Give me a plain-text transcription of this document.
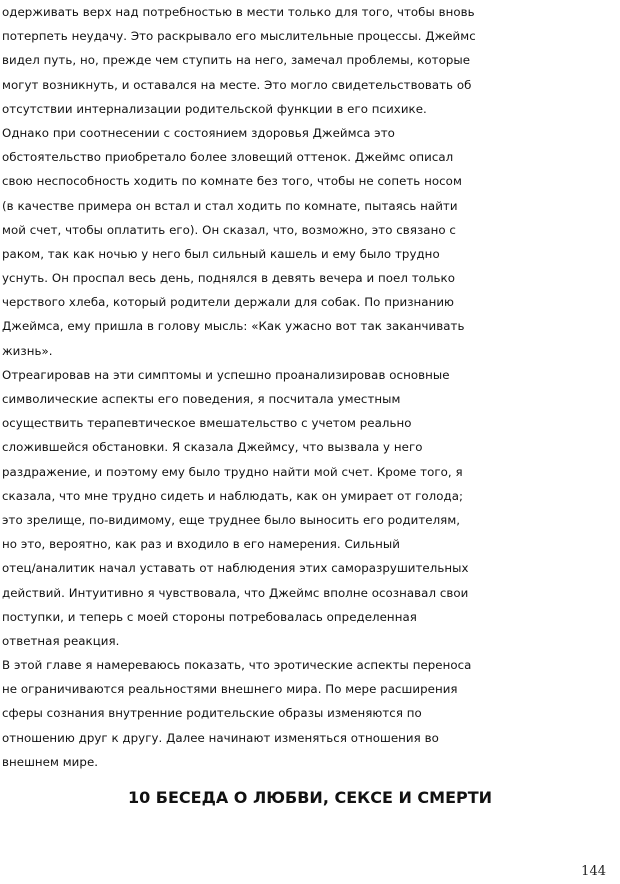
одерживать верх над потребностью в мести только для того, чтобы вновь
потерпеть неудачу. Это раскрывало его мыслительные процессы. Джеймс
видел путь, но, прежде чем ступить на него, замечал проблемы, которые
могут возникнуть, и оставался на месте. Это могло свидетельствовать об
отсутствии интернализации родительской функции в его психике.

Однако при соотнесении с состоянием здоровья Джеймса это
обстоятельство приобретало более зловещий оттенок. Джеймс описал
свою неспособность ходить по комнате без того, чтобы не сопеть носом
(в качестве примера он встал и стал ходить по комнате, пытаясь найти
мой счет, чтобы оплатить его). Он сказал, что, возможно, это связано с
раком, так как ночью у него был сильный кашель и ему было трудно
уснуть. Он проспал весь день, поднялся в девять вечера и поел только
черствого хлеба, который родители держали для собак. По признанию
Джеймса, ему пришла в голову мысль: «Как ужасно вот так заканчивать
жизнь».

Отреагировав на эти симптомы и успешно проанализировав основные
символические аспекты его поведения, я посчитала уместным
осуществить терапевтическое вмешательство с учетом реально
сложившейся обстановки. Я сказала Джеймсу, что вызвала у него
раздражение, и поэтому ему было трудно найти мой счет. Кроме того, я
сказала, что мне трудно сидеть и наблюдать, как он умирает от голода;
это зрелище, по-видимому, еще труднее было выносить его родителям,
но это, вероятно, как раз и входило в его намерения. Сильный
отец/аналитик начал уставать от наблюдения этих саморазрушительных
действий. Интуитивно я чувствовала, что Джеймс вполне осознавал свои
поступки, и теперь с моей стороны потребовалась определенная
ответная реакция.

В этой главе я намереваюсь показать, что эротические аспекты переноса
не ограничиваются реальностями внешнего мира. По мере расширения
сферы сознания внутренние родительские образы изменяются по
отношению друг к другу. Далее начинают изменяться отношения во
внешнем мире.

10 БЕСЕДА О ЛЮБВИ, СЕКСЕ И СМЕРТИ
144
